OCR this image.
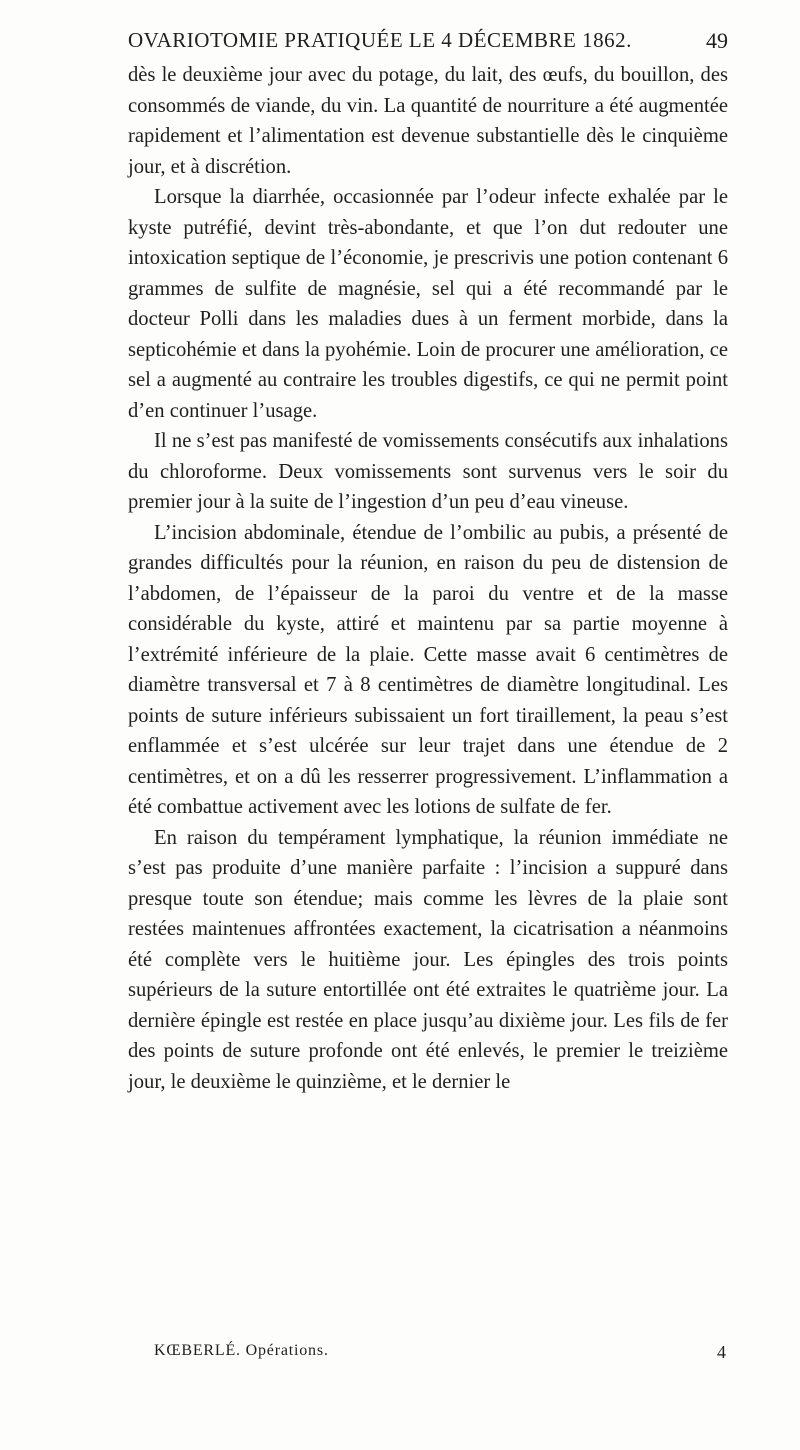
OVARIOTOMIE PRATIQUÉE LE 4 DÉCEMBRE 1862.	49

dès le deuxième jour avec du potage, du lait, des œufs, du bouillon, des consommés de viande, du vin. La quantité de nourriture a été augmentée rapidement et l’alimentation est devenue substantielle dès le cinquième jour, et à discrétion.

Lorsque la diarrhée, occasionnée par l’odeur infecte exhalée par le kyste putréfié, devint très-abondante, et que l’on dut redouter une intoxication septique de l’économie, je prescrivis une potion contenant 6 grammes de sulfite de magnésie, sel qui a été recommandé par le docteur Polli dans les maladies dues à un ferment morbide, dans la septicohémie et dans la pyohémie. Loin de procurer une amélioration, ce sel a augmenté au contraire les troubles digestifs, ce qui ne permit point d’en continuer l’usage.

Il ne s’est pas manifesté de vomissements consécutifs aux inhalations du chloroforme. Deux vomissements sont survenus vers le soir du premier jour à la suite de l’ingestion d’un peu d’eau vineuse.

L’incision abdominale, étendue de l’ombilic au pubis, a présenté de grandes difficultés pour la réunion, en raison du peu de distension de l’abdomen, de l’épaisseur de la paroi du ventre et de la masse considérable du kyste, attiré et maintenu par sa partie moyenne à l’extrémité inférieure de la plaie. Cette masse avait 6 centimètres de diamètre transversal et 7 à 8 centimètres de diamètre longitudinal. Les points de suture inférieurs subissaient un fort tiraillement, la peau s’est enflammée et s’est ulcérée sur leur trajet dans une étendue de 2 centimètres, et on a dû les resserrer progressivement. L’inflammation a été combattue activement avec les lotions de sulfate de fer.

En raison du tempérament lymphatique, la réunion immédiate ne s’est pas produite d’une manière parfaite : l’incision a suppuré dans presque toute son étendue; mais comme les lèvres de la plaie sont restées maintenues affrontées exactement, la cicatrisation a néanmoins été complète vers le huitième jour. Les épingles des trois points supérieurs de la suture entortillée ont été extraites le quatrième jour. La dernière épingle est restée en place jusqu’au dixième jour. Les fils de fer des points de suture profonde ont été enlevés, le premier le treizième jour, le deuxième le quinzième, et le dernier le

KŒBERLÉ. Opérations.	4
